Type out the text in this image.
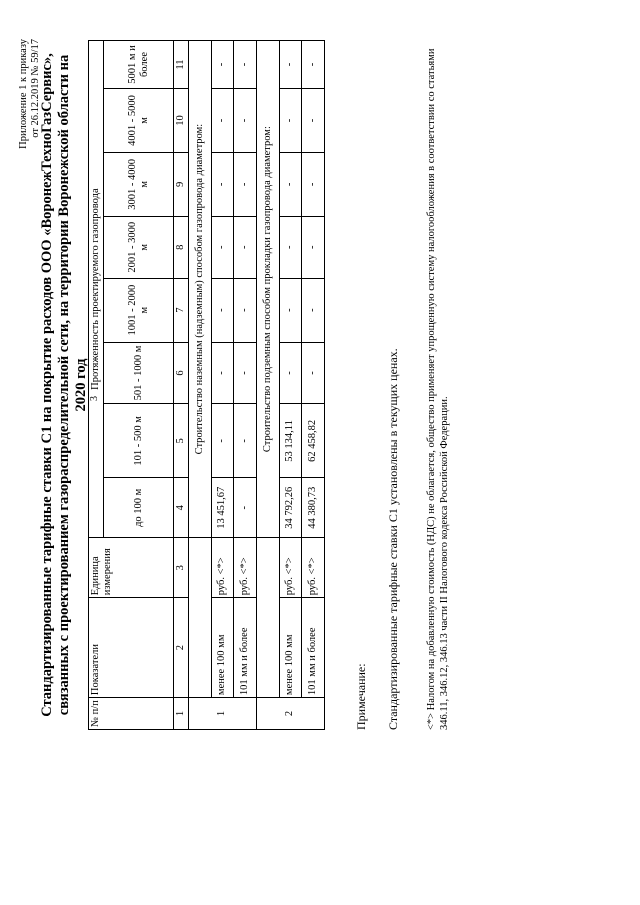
3
Приложение 1 к приказу от 26.12.2019 № 59/17
Стандартизированные тарифные ставки С1 на покрытие расходов ООО «ВоронежТехноГазСервис», связанных с проектированием газораспределительной сети, на территории Воронежской области на 2020 год
№ п/п	Показатели	Единица измерения	Протяженность проектируемого газопровода							
			до 100 м	101 - 500 м	501 - 1000 м	1001 - 2000 м	2001 - 3000 м	3001 - 4000 м	4001 - 5000 м	5001 м и более
1	2	3	4	5	6	7	8	9	10	11
1			Строительство наземным (надземным) способом газопровода диаметром:							
	менее 100 мм	руб. <*>	13 451,67	-	-	-	-	-	-	-
	101 мм и более	руб. <*>	-	-	-	-	-	-	-	-
2			Строительство подземным способом прокладки газопровода диаметром:							
	менее 100 мм	руб. <*>	34 792,26	53 134,11	-	-	-	-	-	-
	101 мм и более	руб. <*>	44 380,73	62 458,82	-	-	-	-	-	-
Примечание: Стандартизированные тарифные ставки С1 установлены в текущих ценах. <*> Налогом на добавленную стоимость (НДС) не облагается, общество применяет упрощенную систему налогообложения в соответствии со статьями 346.11, 346.12, 346.13 части II Налогового кодекса Российской Федерации.
